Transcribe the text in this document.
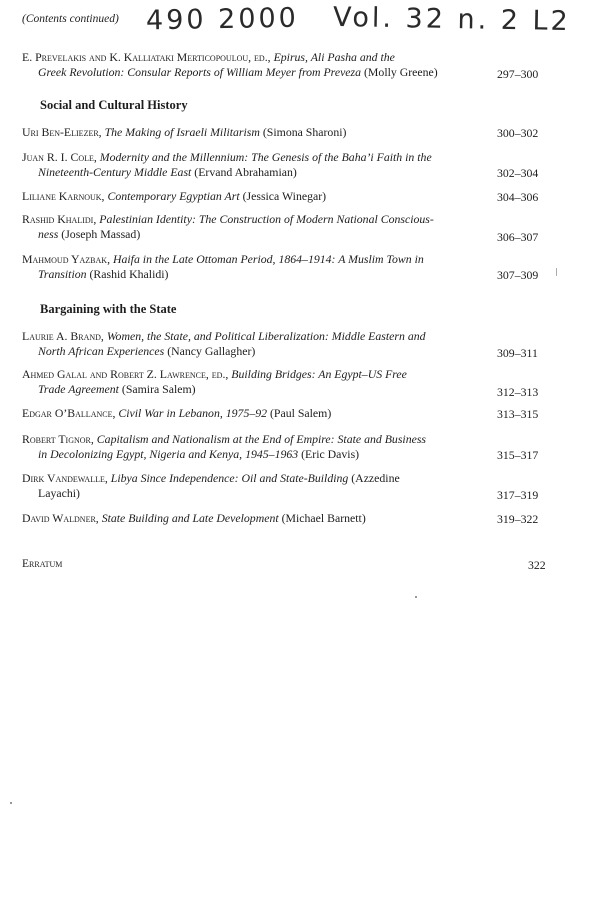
(Contents continued) 490 2000 Vol. 32 n. 2 L2
E. Prevelakis and K. Kalliataki Merticopoulou, ed., Epirus, Ali Pasha and the
Greek Revolution: Consular Reports of William Meyer from Preveza (Molly Greene)	297–300
Social and Cultural History
Uri Ben-Eliezer, The Making of Israeli Militarism (Simona Sharoni)	300–302
Juan R. I. Cole, Modernity and the Millennium: The Genesis of the Baha’i Faith in the
Nineteenth-Century Middle East (Ervand Abrahamian)	302–304
Liliane Karnouk, Contemporary Egyptian Art (Jessica Winegar)	304–306
Rashid Khalidi, Palestinian Identity: The Construction of Modern National Conscious-
ness (Joseph Massad)	306–307
Mahmoud Yazbak, Haifa in the Late Ottoman Period, 1864–1914: A Muslim Town in
Transition (Rashid Khalidi)	307–309
Bargaining with the State
Laurie A. Brand, Women, the State, and Political Liberalization: Middle Eastern and
North African Experiences (Nancy Gallagher)	309–311
Ahmed Galal and Robert Z. Lawrence, ed., Building Bridges: An Egypt–US Free
Trade Agreement (Samira Salem)	312–313
Edgar O’Ballance, Civil War in Lebanon, 1975–92 (Paul Salem)	313–315
Robert Tignor, Capitalism and Nationalism at the End of Empire: State and Business
in Decolonizing Egypt, Nigeria and Kenya, 1945–1963 (Eric Davis)	315–317
Dirk Vandewalle, Libya Since Independence: Oil and State-Building (Azzedine
Layachi)	317–319
David Waldner, State Building and Late Development (Michael Barnett)	319–322
Erratum	322
